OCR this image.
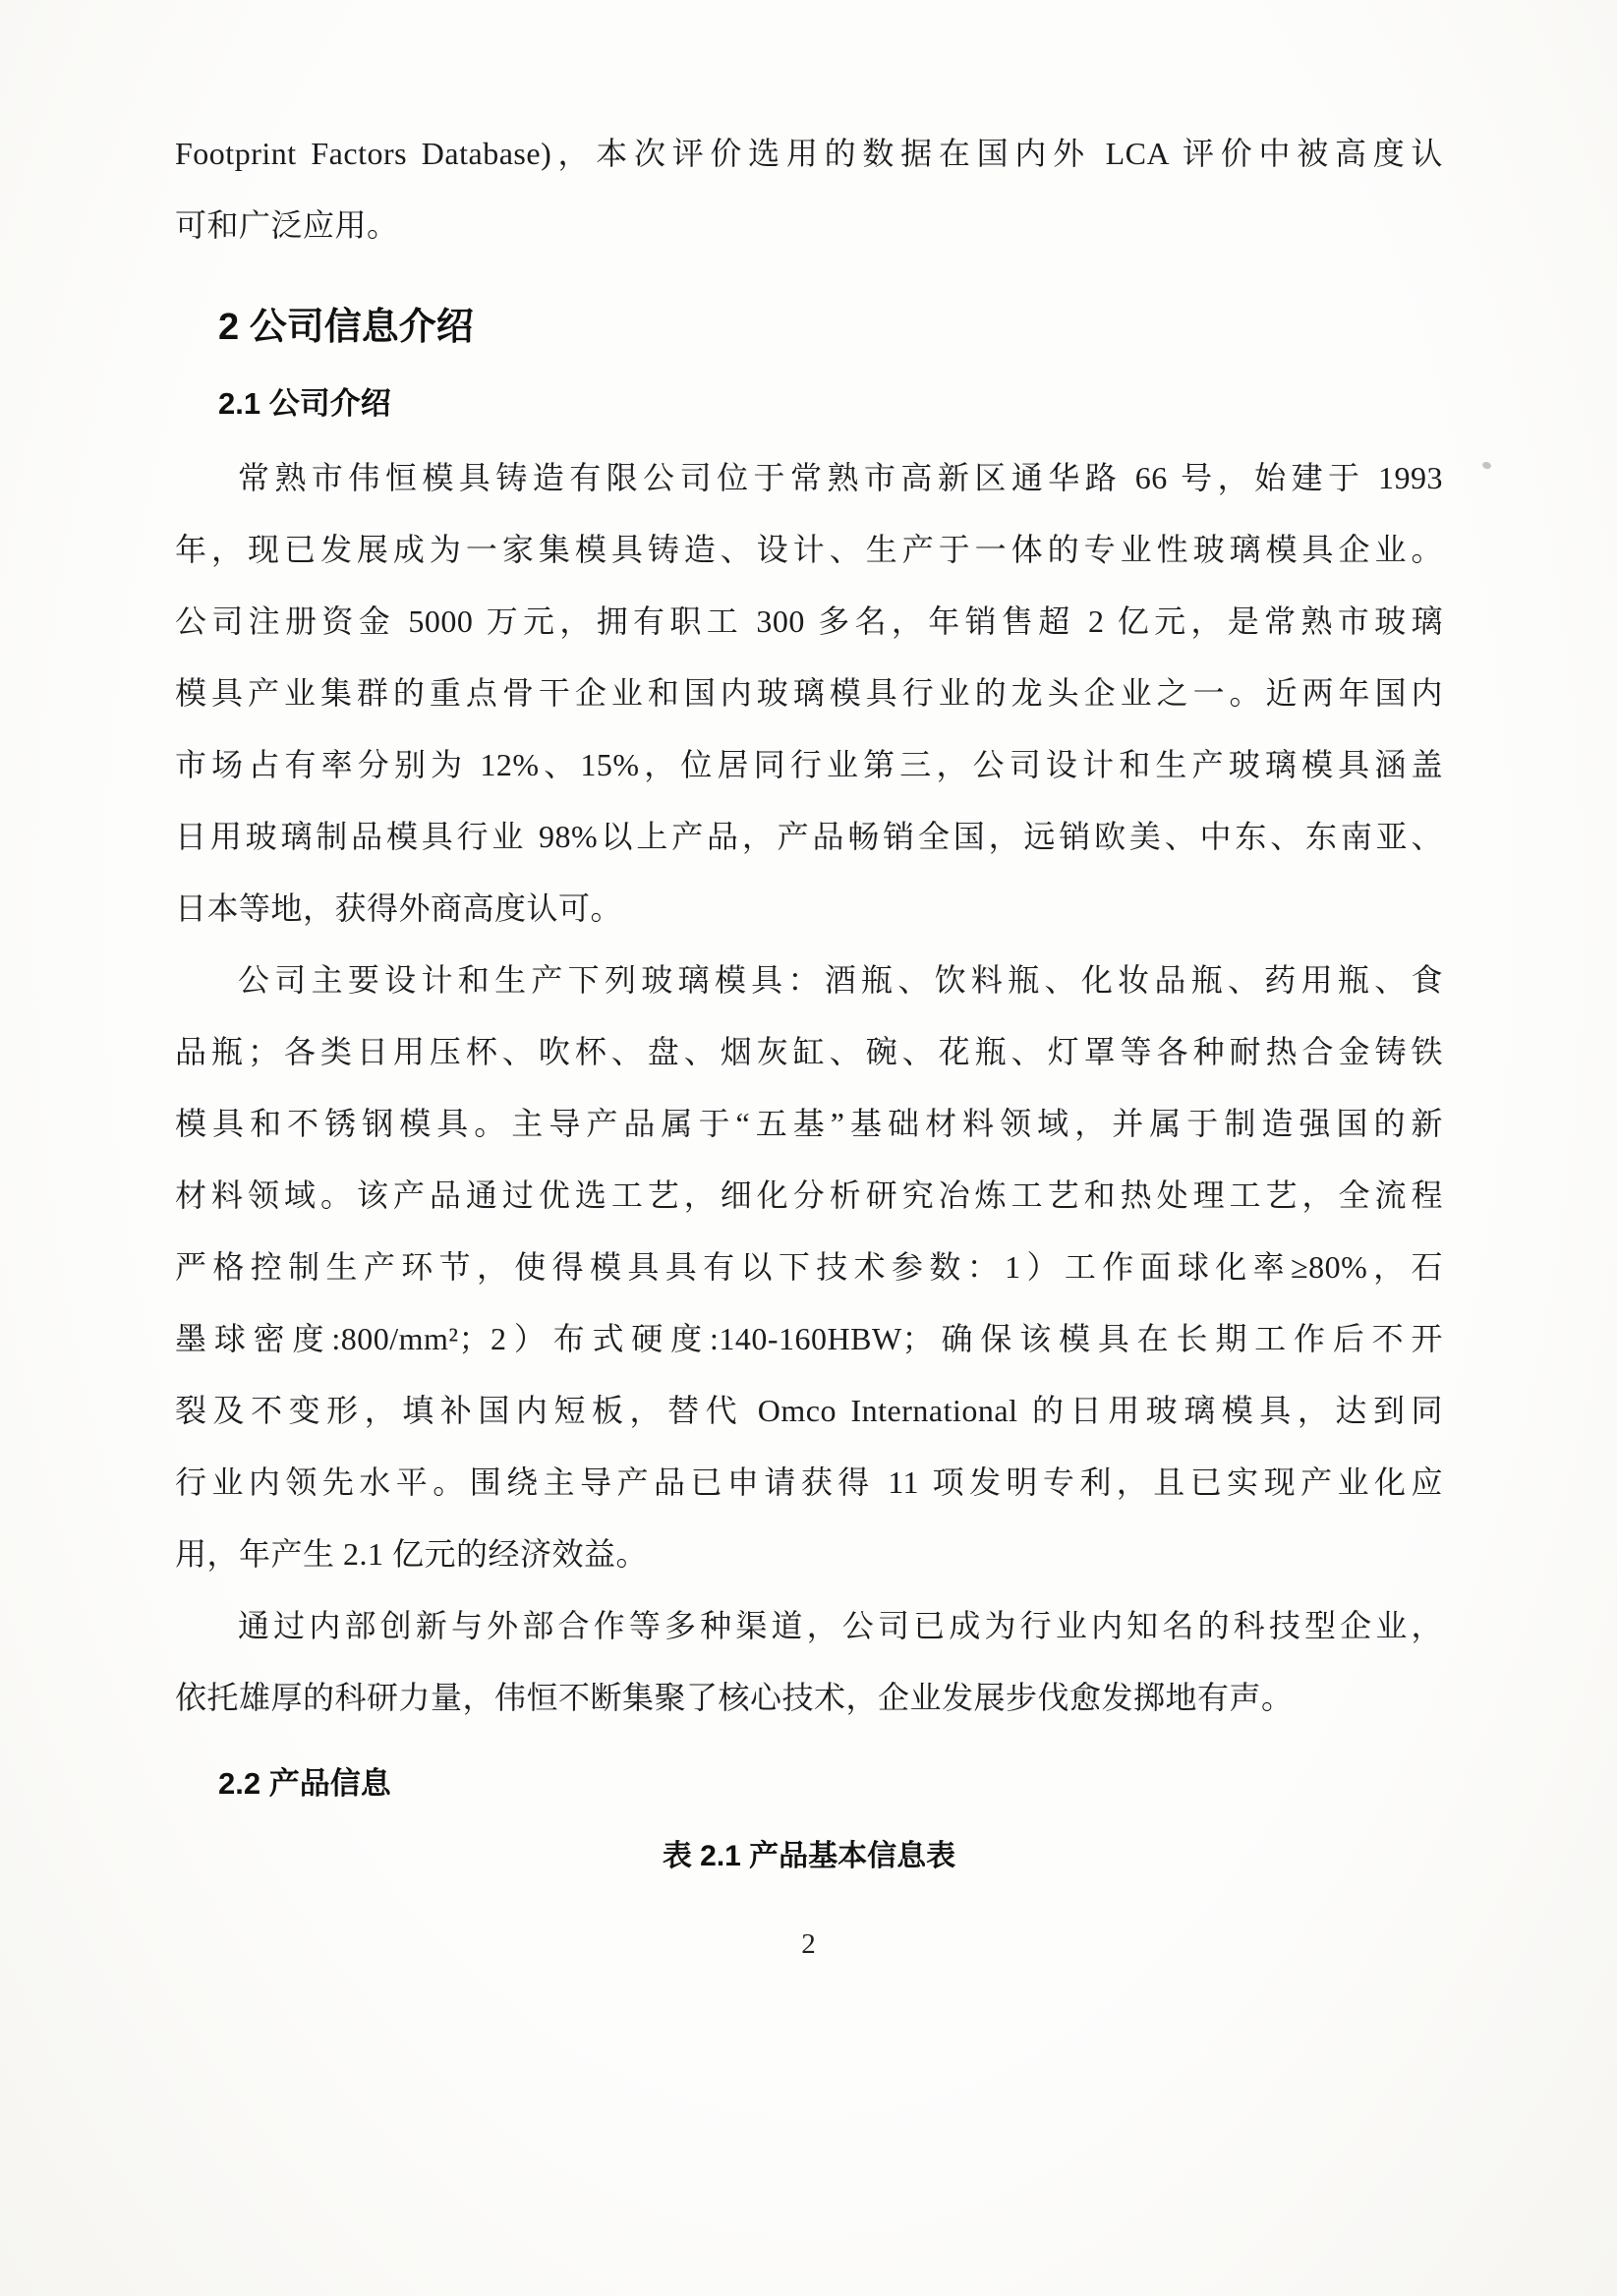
Footprint Factors Database)，本次评价选用的数据在国内外 LCA 评价中被高度认
可和广泛应用。
2 公司信息介绍
2.1 公司介绍
常熟市伟恒模具铸造有限公司位于常熟市高新区通华路 66 号，始建于 1993
年，现已发展成为一家集模具铸造、设计、生产于一体的专业性玻璃模具企业。
公司注册资金 5000 万元，拥有职工 300 多名，年销售超 2 亿元，是常熟市玻璃
模具产业集群的重点骨干企业和国内玻璃模具行业的龙头企业之一。近两年国内
市场占有率分别为 12%、15%，位居同行业第三，公司设计和生产玻璃模具涵盖
日用玻璃制品模具行业 98%以上产品，产品畅销全国，远销欧美、中东、东南亚、
日本等地，获得外商高度认可。
公司主要设计和生产下列玻璃模具：酒瓶、饮料瓶、化妆品瓶、药用瓶、食
品瓶；各类日用压杯、吹杯、盘、烟灰缸、碗、花瓶、灯罩等各种耐热合金铸铁
模具和不锈钢模具。主导产品属于“五基”基础材料领域，并属于制造强国的新
材料领域。该产品通过优选工艺，细化分析研究冶炼工艺和热处理工艺，全流程
严格控制生产环节，使得模具具有以下技术参数：1）工作面球化率≥80%，石
墨球密度:800/mm²；2）布式硬度:140-160HBW；确保该模具在长期工作后不开
裂及不变形，填补国内短板，替代 Omco International 的日用玻璃模具，达到同
行业内领先水平。围绕主导产品已申请获得 11 项发明专利，且已实现产业化应
用，年产生 2.1 亿元的经济效益。
通过内部创新与外部合作等多种渠道，公司已成为行业内知名的科技型企业，
依托雄厚的科研力量，伟恒不断集聚了核心技术，企业发展步伐愈发掷地有声。
2.2 产品信息
表 2.1 产品基本信息表
2
